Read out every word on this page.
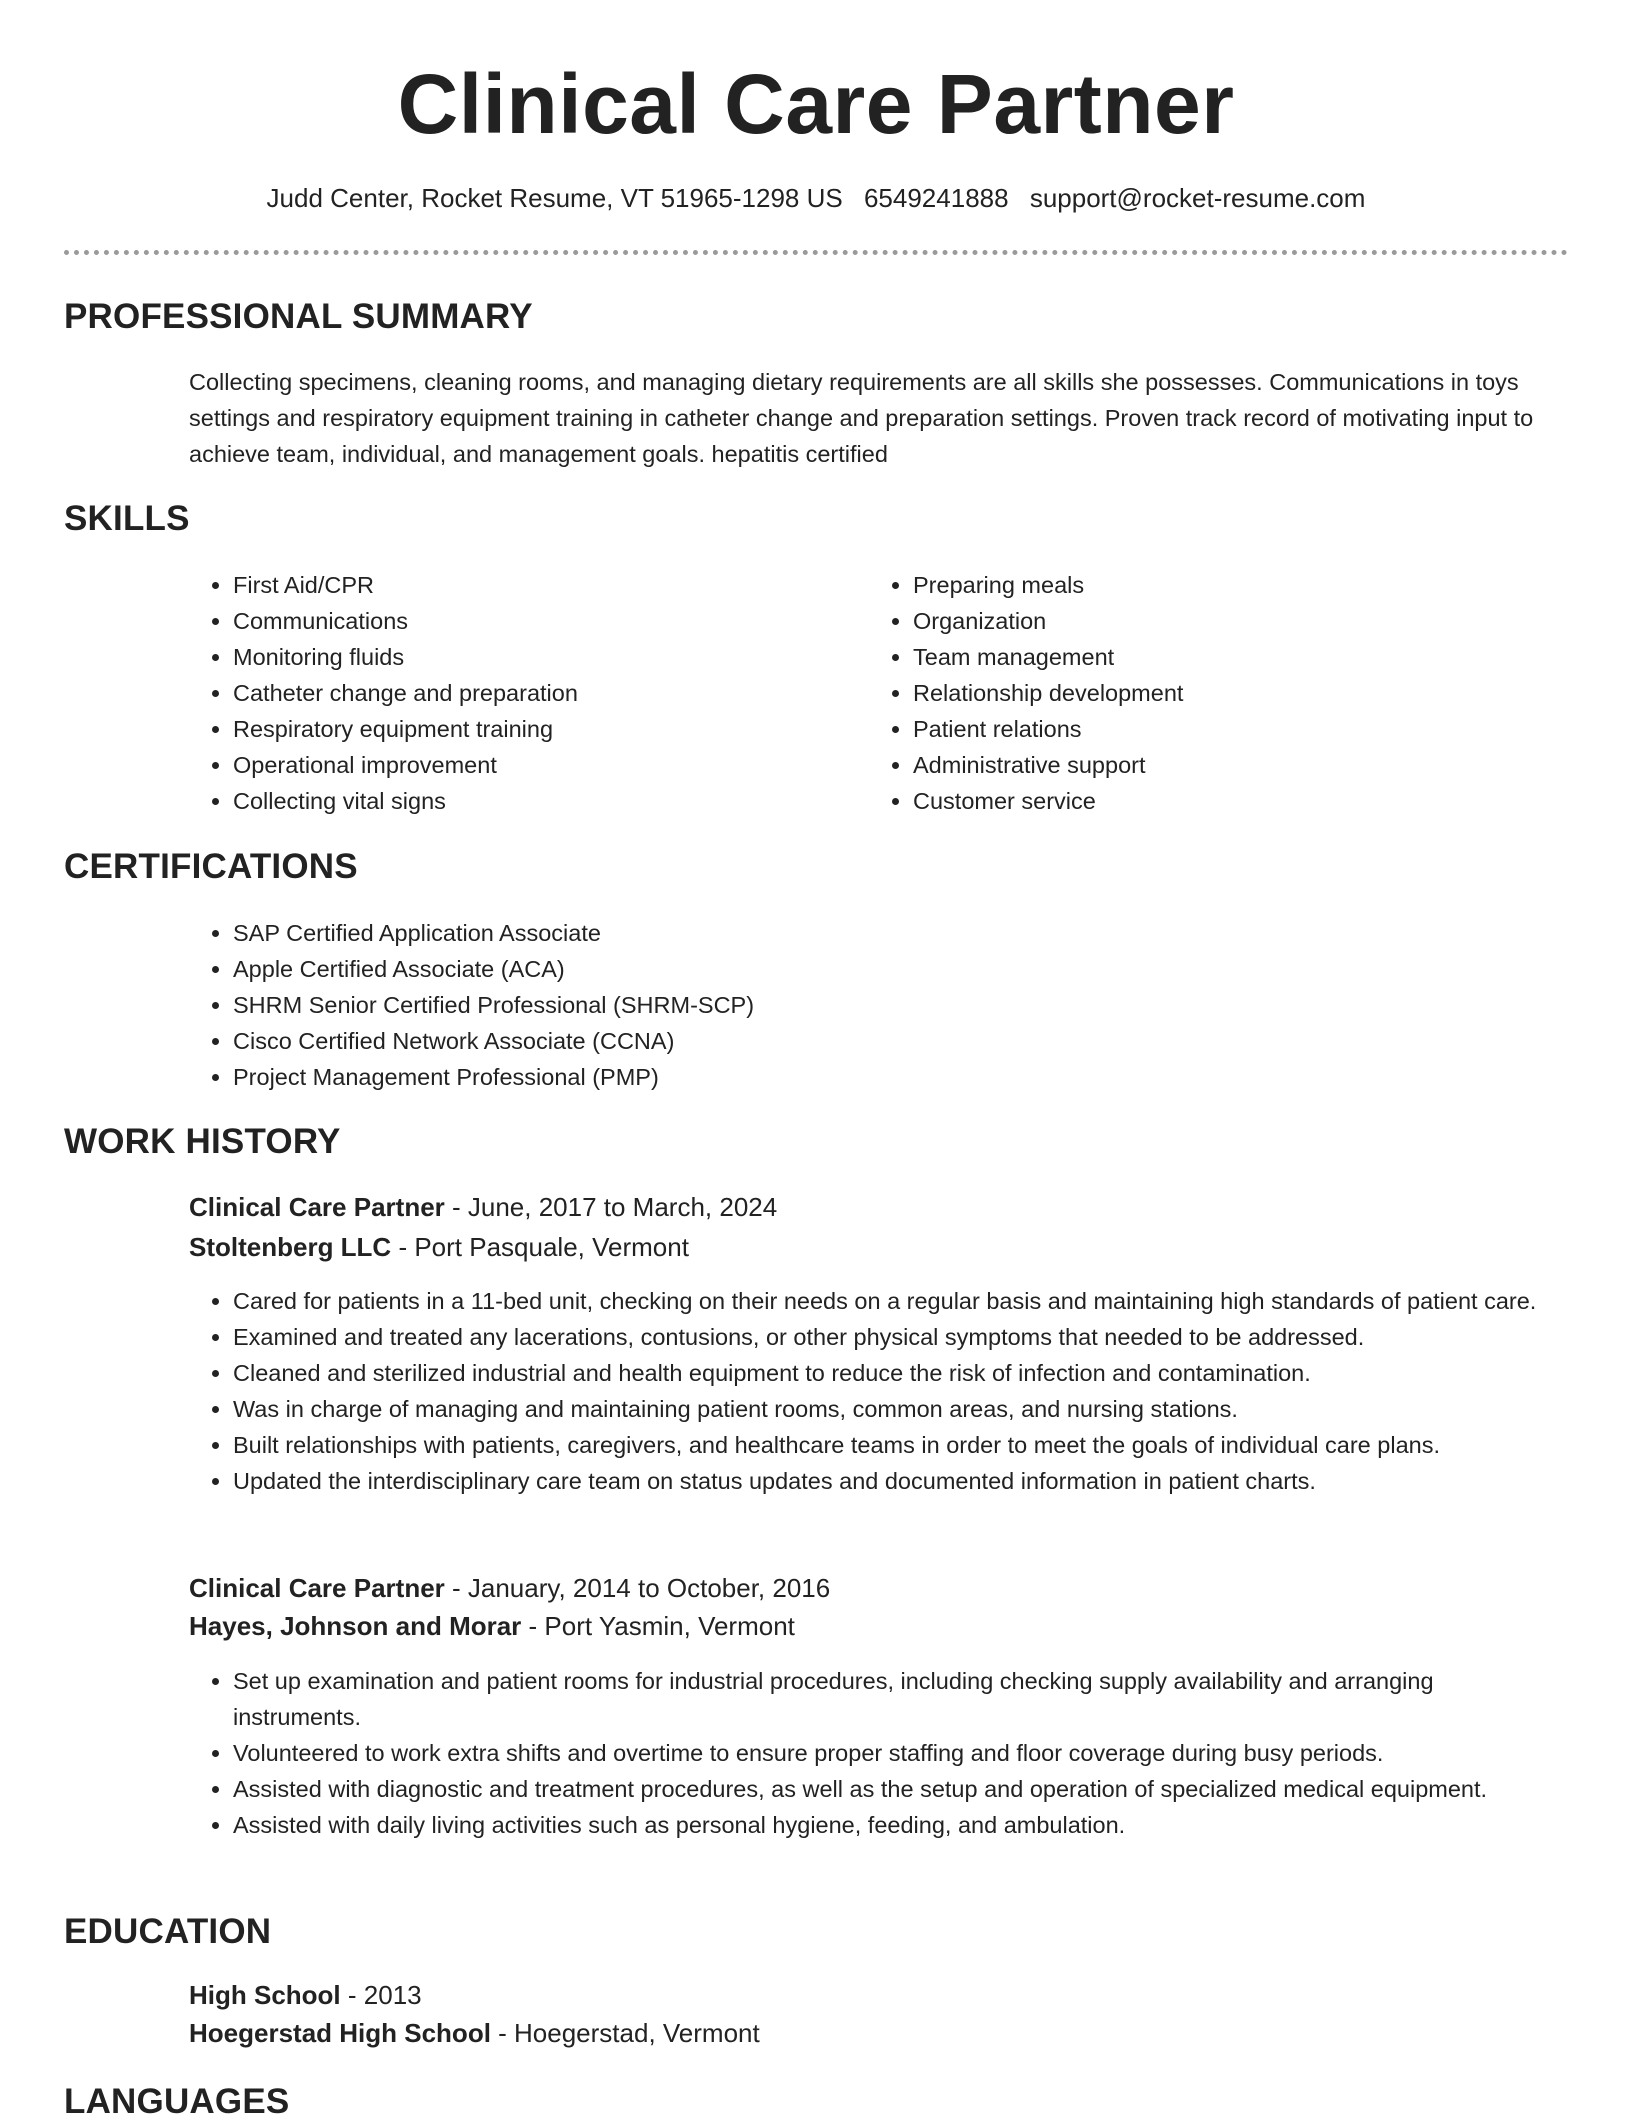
Clinical Care Partner
Judd Center, Rocket Resume, VT 51965-1298 US 6549241888 support@rocket-resume.com
PROFESSIONAL SUMMARY
Collecting specimens, cleaning rooms, and managing dietary requirements are all skills she possesses. Communications in toys settings and respiratory equipment training in catheter change and preparation settings. Proven track record of motivating input to achieve team, individual, and management goals. hepatitis certified
SKILLS
• First Aid/CPR
• Communications
• Monitoring fluids
• Catheter change and preparation
• Respiratory equipment training
• Operational improvement
• Collecting vital signs
• Preparing meals
• Organization
• Team management
• Relationship development
• Patient relations
• Administrative support
• Customer service
CERTIFICATIONS
• SAP Certified Application Associate
• Apple Certified Associate (ACA)
• SHRM Senior Certified Professional (SHRM-SCP)
• Cisco Certified Network Associate (CCNA)
• Project Management Professional (PMP)
WORK HISTORY
Clinical Care Partner - June, 2017 to March, 2024
Stoltenberg LLC - Port Pasquale, Vermont
• Cared for patients in a 11-bed unit, checking on their needs on a regular basis and maintaining high standards of patient care.
• Examined and treated any lacerations, contusions, or other physical symptoms that needed to be addressed.
• Cleaned and sterilized industrial and health equipment to reduce the risk of infection and contamination.
• Was in charge of managing and maintaining patient rooms, common areas, and nursing stations.
• Built relationships with patients, caregivers, and healthcare teams in order to meet the goals of individual care plans.
• Updated the interdisciplinary care team on status updates and documented information in patient charts.
Clinical Care Partner - January, 2014 to October, 2016
Hayes, Johnson and Morar - Port Yasmin, Vermont
• Set up examination and patient rooms for industrial procedures, including checking supply availability and arranging instruments.
• Volunteered to work extra shifts and overtime to ensure proper staffing and floor coverage during busy periods.
• Assisted with diagnostic and treatment procedures, as well as the setup and operation of specialized medical equipment.
• Assisted with daily living activities such as personal hygiene, feeding, and ambulation.
EDUCATION
High School - 2013
Hoegerstad High School - Hoegerstad, Vermont
LANGUAGES
